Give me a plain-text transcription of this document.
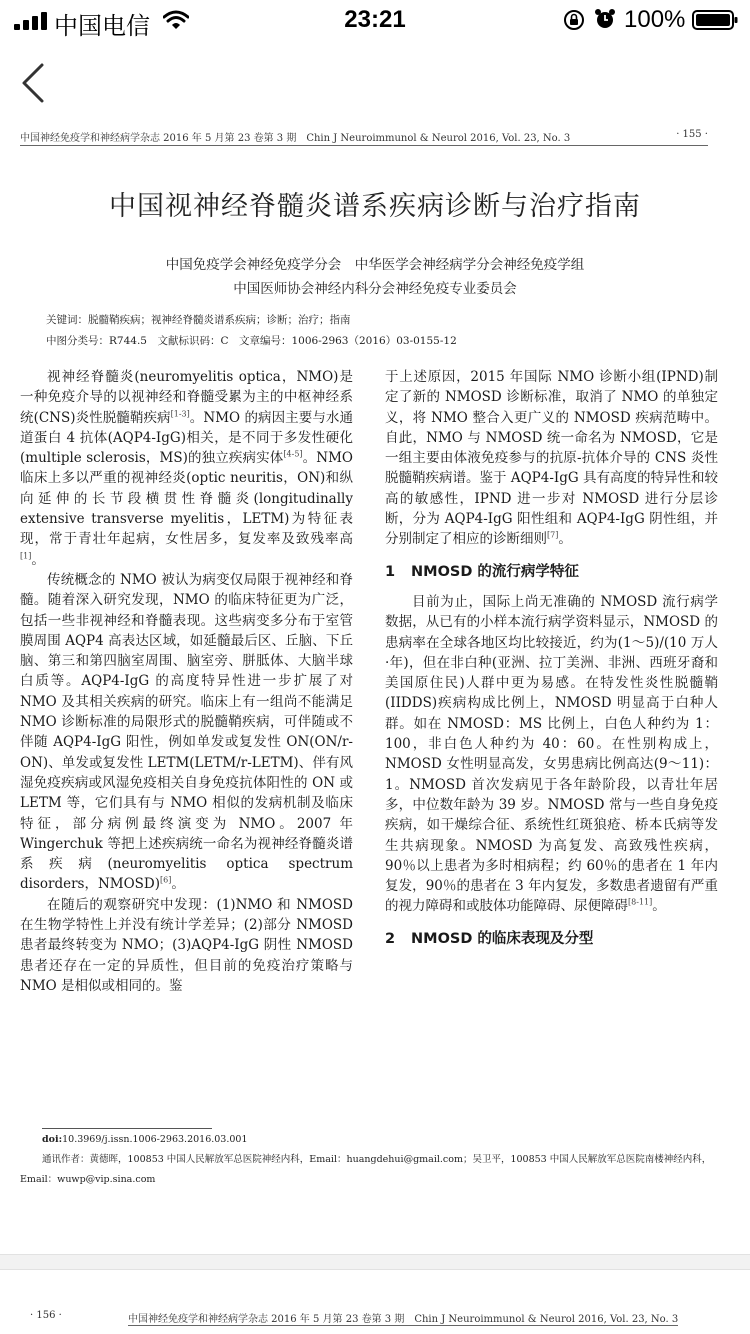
中国电信	23:21	100%
中国神经免疫学和神经病学杂志 2016 年 5 月第 23 卷第 3 期　Chin J Neuroimmunol & Neurol 2016, Vol. 23, No. 3	· 155 ·
中国视神经脊髓炎谱系疾病诊断与治疗指南
中国免疫学会神经免疫学分会　中华医学会神经病学分会神经免疫学组
中国医师协会神经内科分会神经免疫专业委员会
关键词：脱髓鞘疾病；视神经脊髓炎谱系疾病；诊断；治疗；指南
中图分类号：R744.5　文献标识码：C　文章编号：1006-2963（2016）03-0155-12

视神经脊髓炎(neuromyelitis optica，NMO)是一种免疫介导的以视神经和脊髓受累为主的中枢神经系统(CNS)炎性脱髓鞘疾病[1-3]。NMO 的病因主要与水通道蛋白 4 抗体(AQP4-IgG)相关，是不同于多发性硬化(multiple sclerosis，MS)的独立疾病实体[4-5]。NMO 临床上多以严重的视神经炎(optic neuritis，ON)和纵向延伸的长节段横贯性脊髓炎(longitudinally extensive transverse myelitis，LETM)为特征表现，常于青壮年起病，女性居多，复发率及致残率高[1]。

传统概念的 NMO 被认为病变仅局限于视神经和脊髓。随着深入研究发现，NMO 的临床特征更为广泛，包括一些非视神经和脊髓表现。这些病变多分布于室管膜周围 AQP4 高表达区域，如延髓最后区、丘脑、下丘脑、第三和第四脑室周围、脑室旁、胼胝体、大脑半球白质等。AQP4-IgG 的高度特异性进一步扩展了对 NMO 及其相关疾病的研究。临床上有一组尚不能满足 NMO 诊断标准的局限形式的脱髓鞘疾病，可伴随或不伴随 AQP4-IgG 阳性，例如单发或复发性 ON(ON/r-ON)、单发或复发性 LETM(LETM/r-LETM)、伴有风湿免疫疾病或风湿免疫相关自身免疫抗体阳性的 ON 或 LETM 等，它们具有与 NMO 相似的发病机制及临床特征，部分病例最终演变为 NMO。2007 年 Wingerchuk 等把上述疾病统一命名为视神经脊髓炎谱系疾病(neuromyelitis optica spectrum disorders，NMOSD)[6]。

在随后的观察研究中发现：(1)NMO 和 NMOSD 在生物学特性上并没有统计学差异；(2)部分 NMOSD 患者最终转变为 NMO；(3)AQP4-IgG 阴性 NMOSD 患者还存在一定的异质性，但目前的免疫治疗策略与 NMO 是相似或相同的。鉴

于上述原因，2015 年国际 NMO 诊断小组(IPND)制定了新的 NMOSD 诊断标准，取消了 NMO 的单独定义，将 NMO 整合入更广义的 NMOSD 疾病范畴中。自此，NMO 与 NMOSD 统一命名为 NMOSD，它是一组主要由体液免疫参与的抗原-抗体介导的 CNS 炎性脱髓鞘疾病谱。鉴于 AQP4-IgG 具有高度的特异性和较高的敏感性，IPND 进一步对 NMOSD 进行分层诊断，分为 AQP4-IgG 阳性组和 AQP4-IgG 阴性组，并分别制定了相应的诊断细则[7]。

1 NMOSD 的流行病学特征

目前为止，国际上尚无准确的 NMOSD 流行病学数据，从已有的小样本流行病学资料显示，NMOSD 的患病率在全球各地区均比较接近，约为(1～5)/(10 万人·年)，但在非白种(亚洲、拉丁美洲、非洲、西班牙裔和美国原住民)人群中更为易感。在特发性炎性脱髓鞘(IIDDS)疾病构成比例上，NMOSD 明显高于白种人群。如在 NMOSD：MS 比例上，白色人种约为 1：100，非白色人种约为 40：60。在性别构成上，NMOSD 女性明显高发，女男患病比例高达(9～11)：1。NMOSD 首次发病见于各年龄阶段，以青壮年居多，中位数年龄为 39 岁。NMOSD 常与一些自身免疫疾病，如干燥综合征、系统性红斑狼疮、桥本氏病等发生共病现象。NMOSD 为高复发、高致残性疾病，90％以上患者为多时相病程；约 60％的患者在 1 年内复发，90％的患者在 3 年内复发，多数患者遗留有严重的视力障碍和或肢体功能障碍、尿便障碍[8-11]。

2 NMOSD 的临床表现及分型
doi:10.3969/j.issn.1006-2963.2016.03.001
通讯作者：黄德晖，100853 中国人民解放军总医院神经内科，Email：huangdehui@gmail.com；吴卫平，100853 中国人民解放军总医院南楼神经内科，Email：wuwp@vip.sina.com
· 156 ·	中国神经免疫学和神经病学杂志 2016 年 5 月第 23 卷第 3 期　Chin J Neuroimmunol & Neurol 2016, Vol. 23, No. 3
